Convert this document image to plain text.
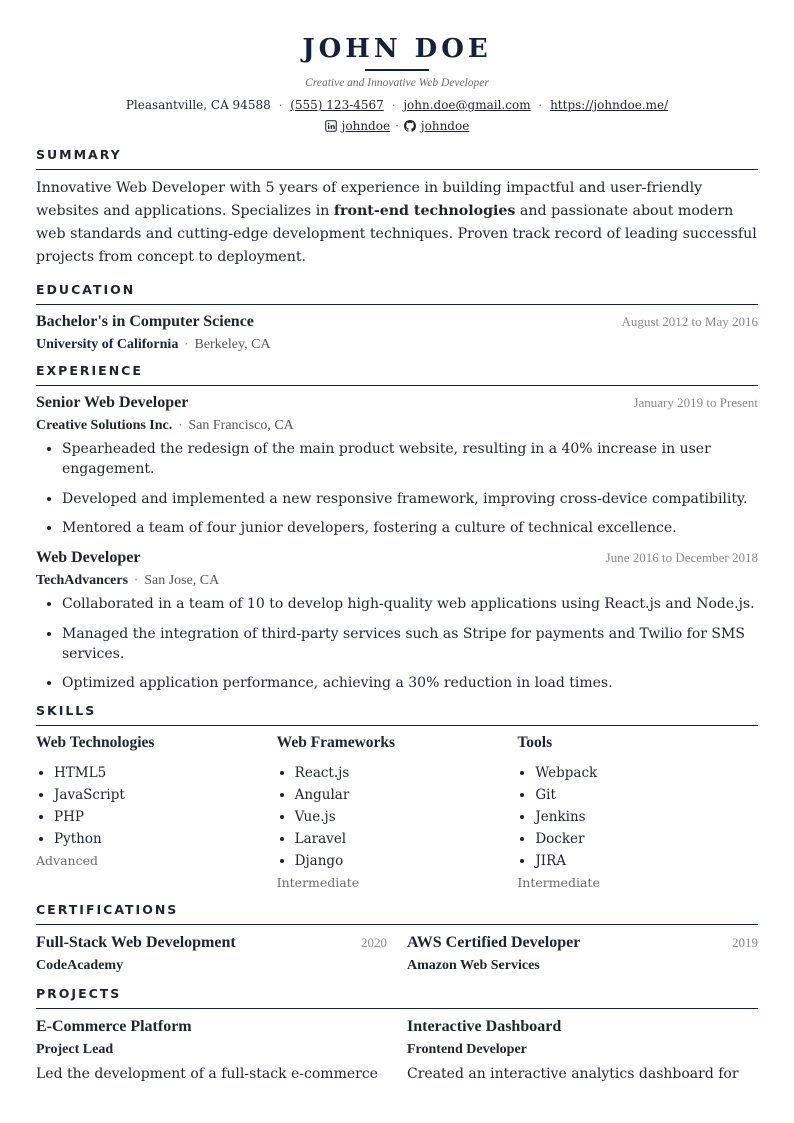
JOHN DOE
Creative and Innovative Web Developer
Pleasantville, CA 94588 · (555) 123-4567 · john.doe@gmail.com · https://johndoe.me/
johndoe · johndoe
SUMMARY

Innovative Web Developer with 5 years of experience in building impactful and user-friendly websites and applications. Specializes in front-end technologies and passionate about modern web standards and cutting-edge development techniques. Proven track record of leading successful projects from concept to deployment.

EDUCATION
Bachelor's in Computer Science	August 2012 to May 2016
University of California · Berkeley, CA
EXPERIENCE
Senior Web Developer	January 2019 to Present
Creative Solutions Inc. · San Francisco, CA
• Spearheaded the redesign of the main product website, resulting in a 40% increase in user engagement.
• Developed and implemented a new responsive framework, improving cross-device compatibility.
• Mentored a team of four junior developers, fostering a culture of technical excellence.
Web Developer	June 2016 to December 2018
TechAdvancers · San Jose, CA
• Collaborated in a team of 10 to develop high-quality web applications using React.js and Node.js.
• Managed the integration of third-party services such as Stripe for payments and Twilio for SMS services.
• Optimized application performance, achieving a 30% reduction in load times.
SKILLS
Web Technologies
• HTML5
• JavaScript
• PHP
• Python
Advanced
Web Frameworks
• React.js
• Angular
• Vue.js
• Laravel
• Django
Intermediate
Tools
• Webpack
• Git
• Jenkins
• Docker
• JIRA
Intermediate
CERTIFICATIONS
Full-Stack Web Development	2020
CodeAcademy
AWS Certified Developer	2019
Amazon Web Services
PROJECTS
E-Commerce Platform
Project Lead
Led the development of a full-stack e-commerce
Interactive Dashboard
Frontend Developer
Created an interactive analytics dashboard for
